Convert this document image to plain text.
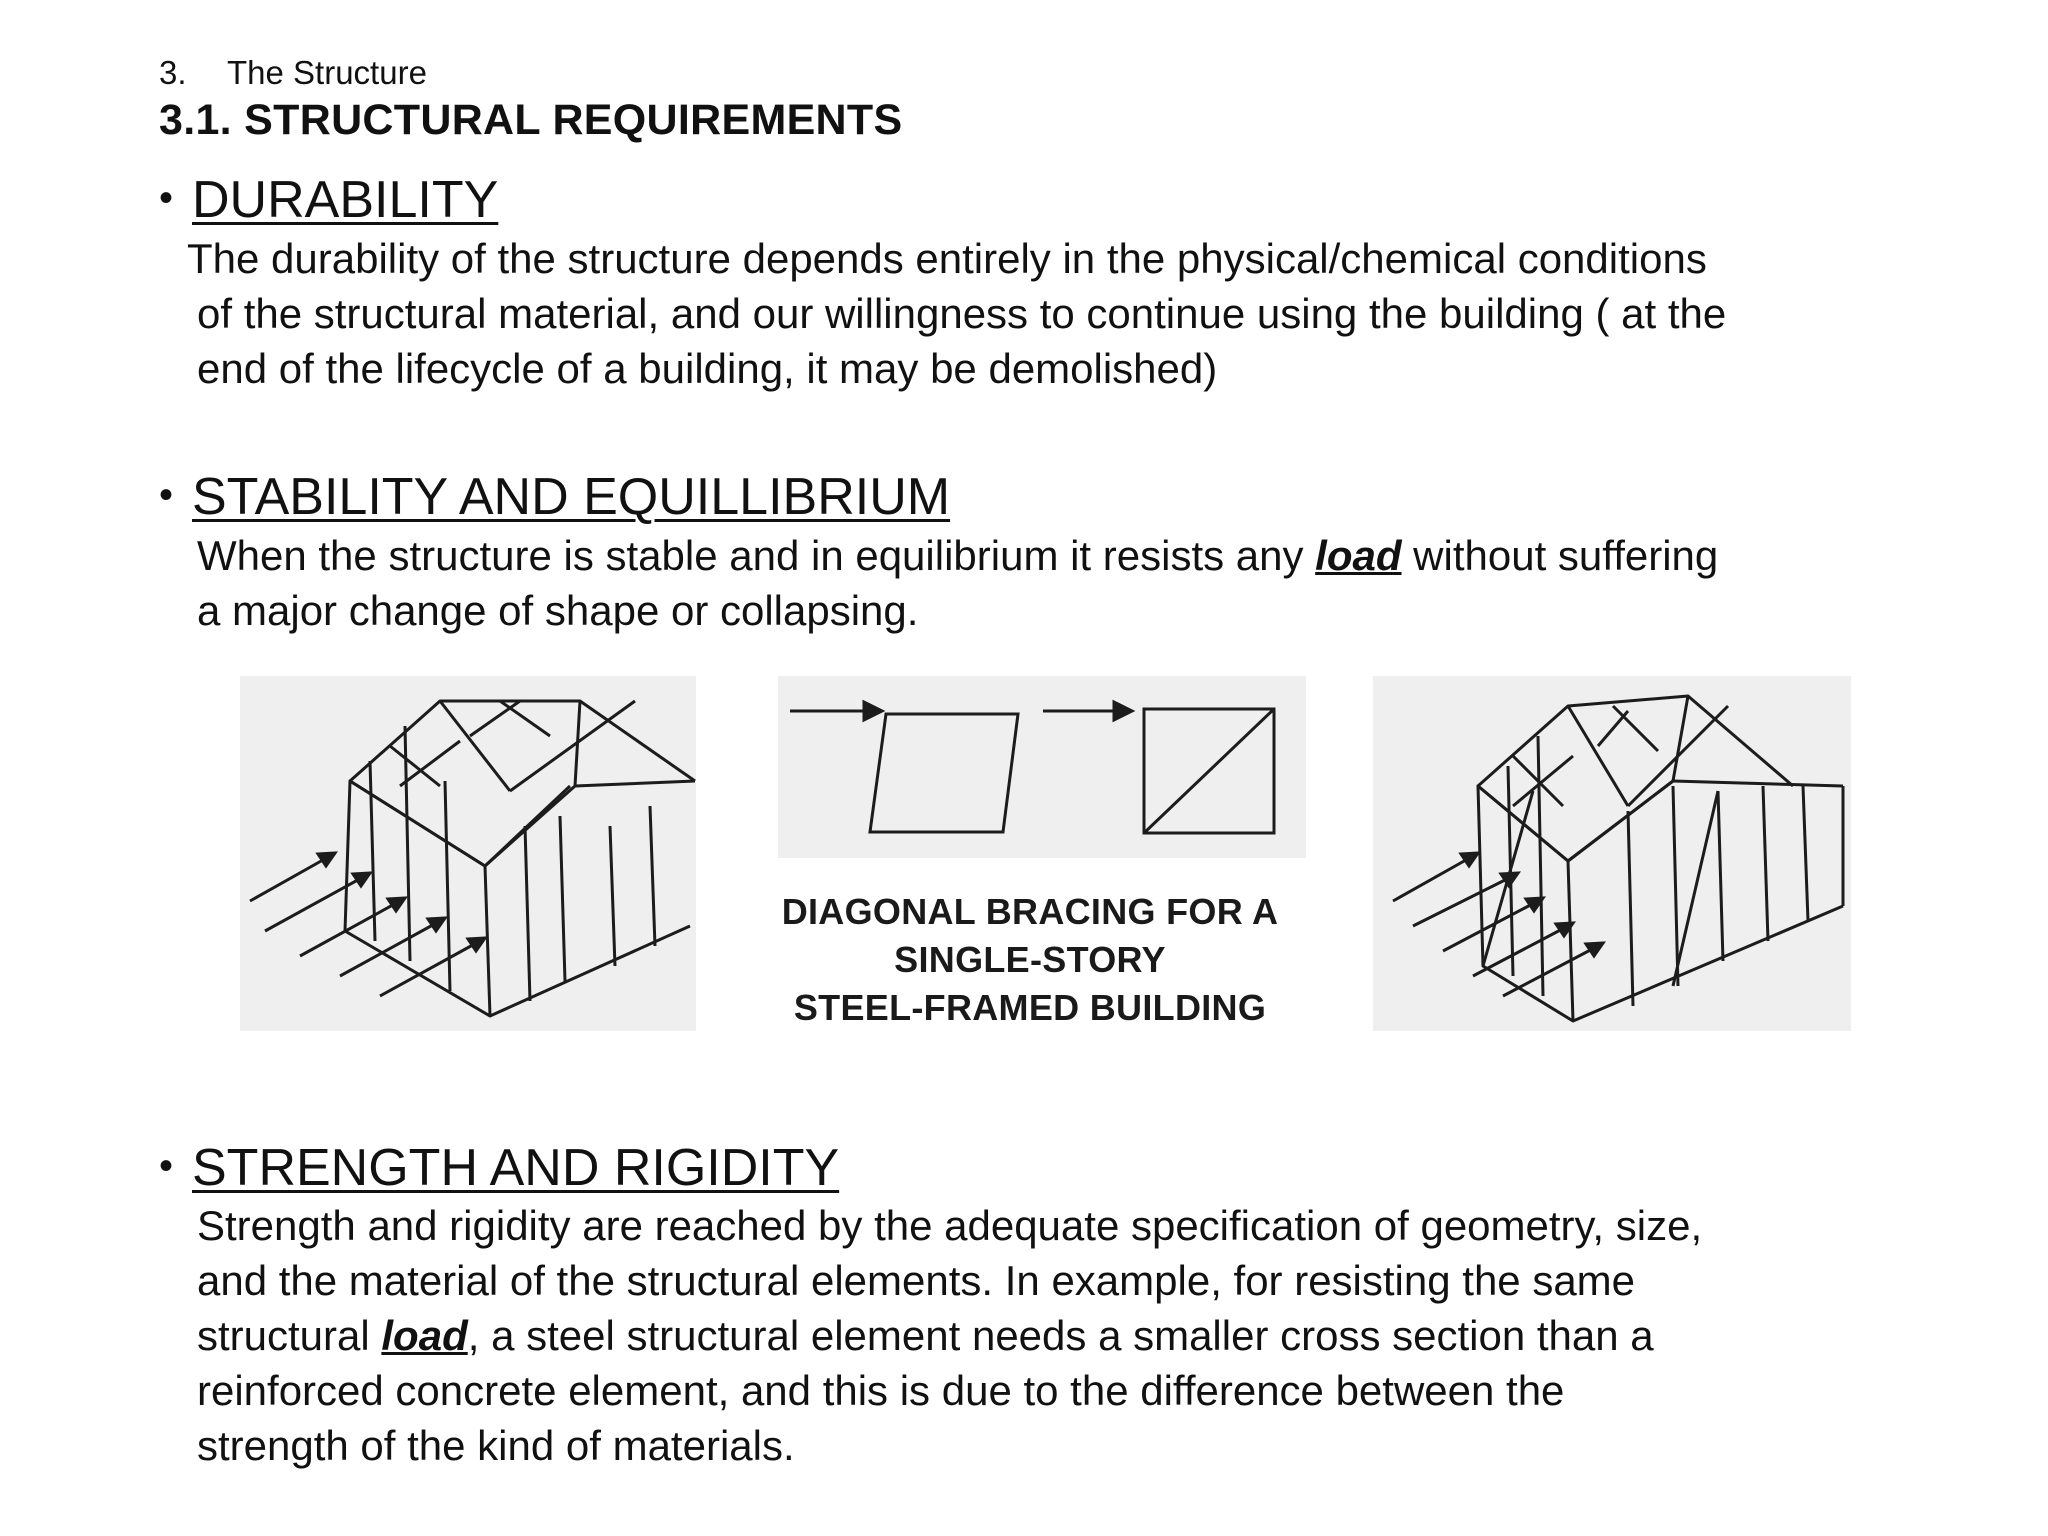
3. The Structure
3.1. STRUCTURAL REQUIREMENTS
• DURABILITY
The durability of the structure depends entirely in the physical/chemical conditions
of the structural material, and our willingness to continue using the building ( at the
end of the lifecycle of a building, it may be demolished)
• STABILITY AND EQUILLIBRIUM
When the structure is stable and in equilibrium it resists any load without suffering
a major change of shape or collapsing.
DIAGONAL BRACING FOR A
SINGLE-STORY
STEEL-FRAMED BUILDING
• STRENGTH AND RIGIDITY
Strength and rigidity are reached by the adequate specification of geometry, size,
and the material of the structural elements. In example, for resisting the same
structural load, a steel structural element needs a smaller cross section than a
reinforced concrete element, and this is due to the difference between the
strength of the kind of materials.
